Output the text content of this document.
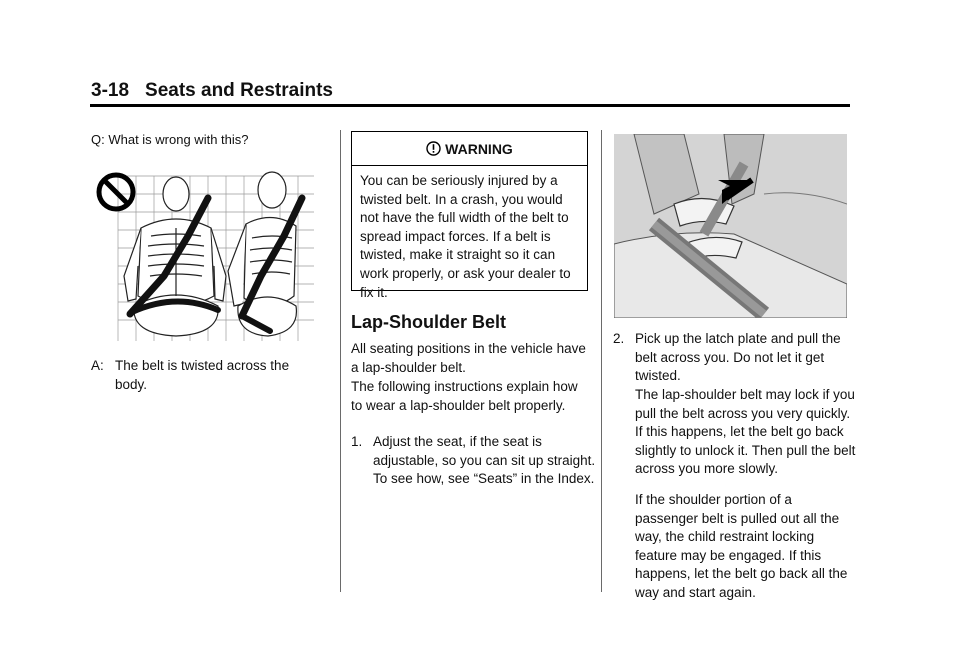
3-18 Seats and Restraints
Q: What is wrong with this?
A: The belt is twisted across the body.
WARNING
You can be seriously injured by a twisted belt. In a crash, you would not have the full width of the belt to spread impact forces. If a belt is twisted, make it straight so it can work properly, or ask your dealer to fix it.
Lap-Shoulder Belt
All seating positions in the vehicle have a lap-shoulder belt.
The following instructions explain how to wear a lap-shoulder belt properly.
1. Adjust the seat, if the seat is adjustable, so you can sit up straight. To see how, see “Seats” in the Index.
2. Pick up the latch plate and pull the belt across you. Do not let it get twisted.
The lap-shoulder belt may lock if you pull the belt across you very quickly. If this happens, let the belt go back slightly to unlock it. Then pull the belt across you more slowly.
If the shoulder portion of a passenger belt is pulled out all the way, the child restraint locking feature may be engaged. If this happens, let the belt go back all the way and start again.
